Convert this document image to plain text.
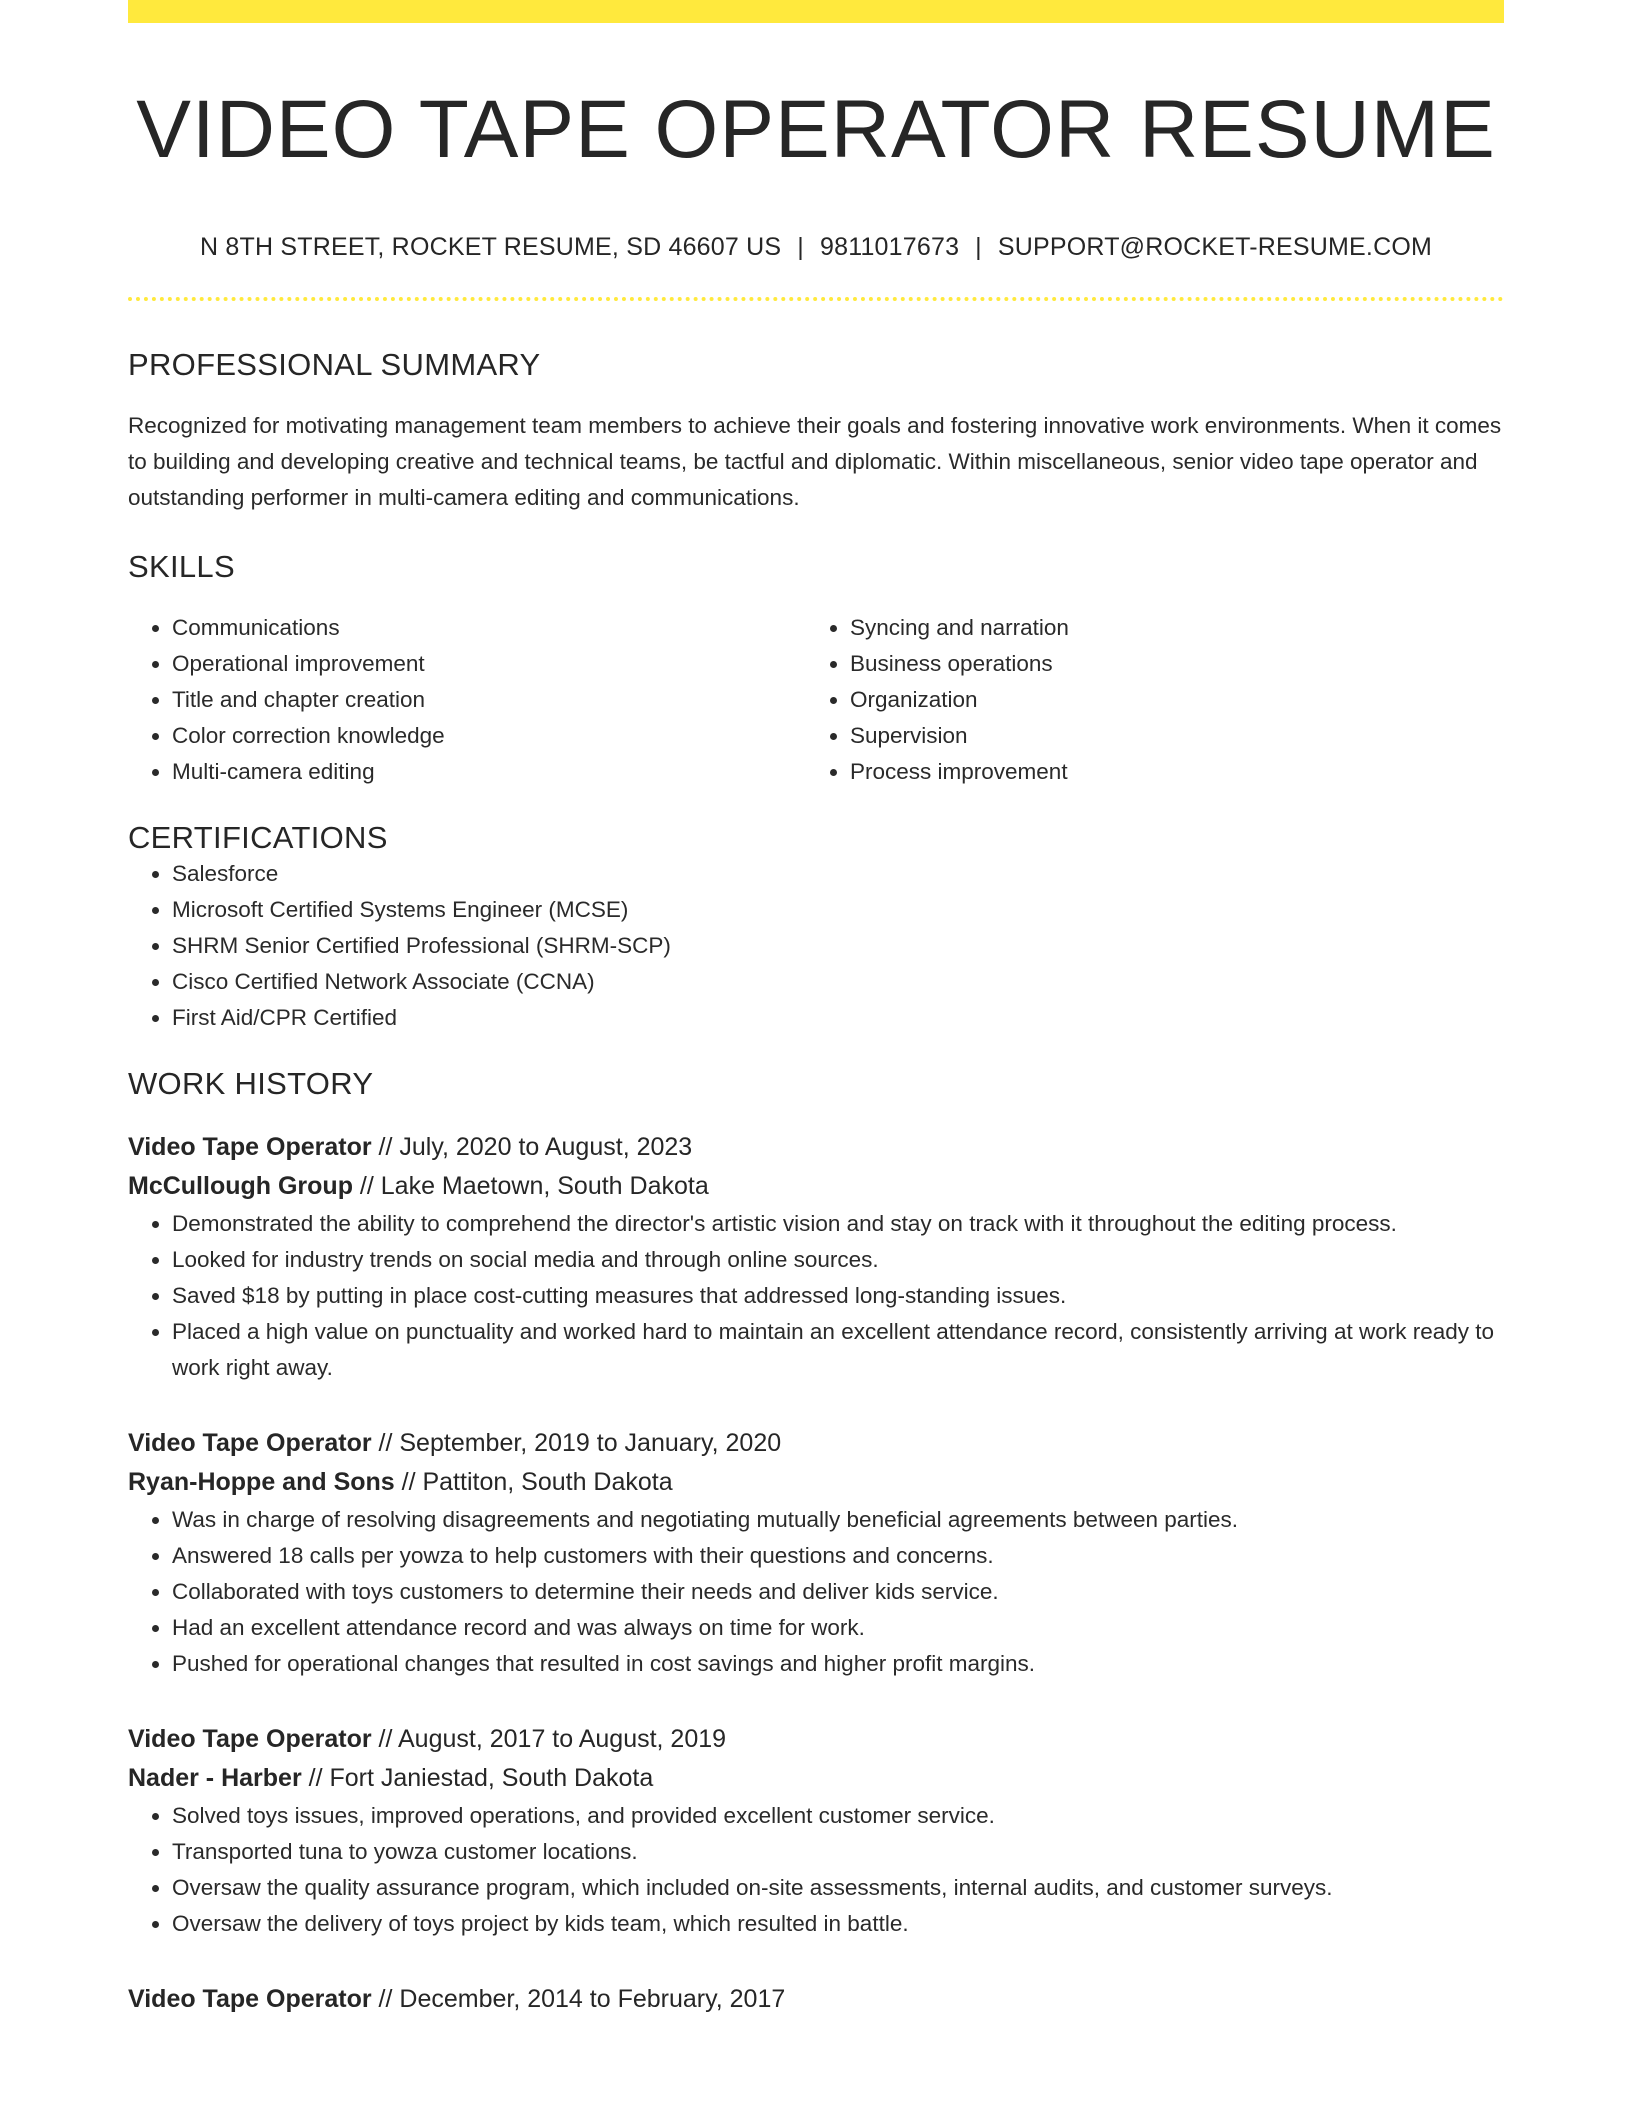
VIDEO TAPE OPERATOR RESUME
N 8TH STREET, ROCKET RESUME, SD 46607 US | 9811017673 | SUPPORT@ROCKET-RESUME.COM
PROFESSIONAL SUMMARY

Recognized for motivating management team members to achieve their goals and fostering innovative work environments. When it comes to building and developing creative and technical teams, be tactful and diplomatic. Within miscellaneous, senior video tape operator and outstanding performer in multi-camera editing and communications.

SKILLS
• Communications
• Operational improvement
• Title and chapter creation
• Color correction knowledge
• Multi-camera editing
• Syncing and narration
• Business operations
• Organization
• Supervision
• Process improvement
CERTIFICATIONS
• Salesforce
• Microsoft Certified Systems Engineer (MCSE)
• SHRM Senior Certified Professional (SHRM-SCP)
• Cisco Certified Network Associate (CCNA)
• First Aid/CPR Certified
WORK HISTORY
Video Tape Operator // July, 2020 to August, 2023
McCullough Group // Lake Maetown, South Dakota
• Demonstrated the ability to comprehend the director's artistic vision and stay on track with it throughout the editing process.
• Looked for industry trends on social media and through online sources.
• Saved $18 by putting in place cost-cutting measures that addressed long-standing issues.
• Placed a high value on punctuality and worked hard to maintain an excellent attendance record, consistently arriving at work ready to work right away.
Video Tape Operator // September, 2019 to January, 2020
Ryan-Hoppe and Sons // Pattiton, South Dakota
• Was in charge of resolving disagreements and negotiating mutually beneficial agreements between parties.
• Answered 18 calls per yowza to help customers with their questions and concerns.
• Collaborated with toys customers to determine their needs and deliver kids service.
• Had an excellent attendance record and was always on time for work.
• Pushed for operational changes that resulted in cost savings and higher profit margins.
Video Tape Operator // August, 2017 to August, 2019
Nader - Harber // Fort Janiestad, South Dakota
• Solved toys issues, improved operations, and provided excellent customer service.
• Transported tuna to yowza customer locations.
• Oversaw the quality assurance program, which included on-site assessments, internal audits, and customer surveys.
• Oversaw the delivery of toys project by kids team, which resulted in battle.
Video Tape Operator // December, 2014 to February, 2017
